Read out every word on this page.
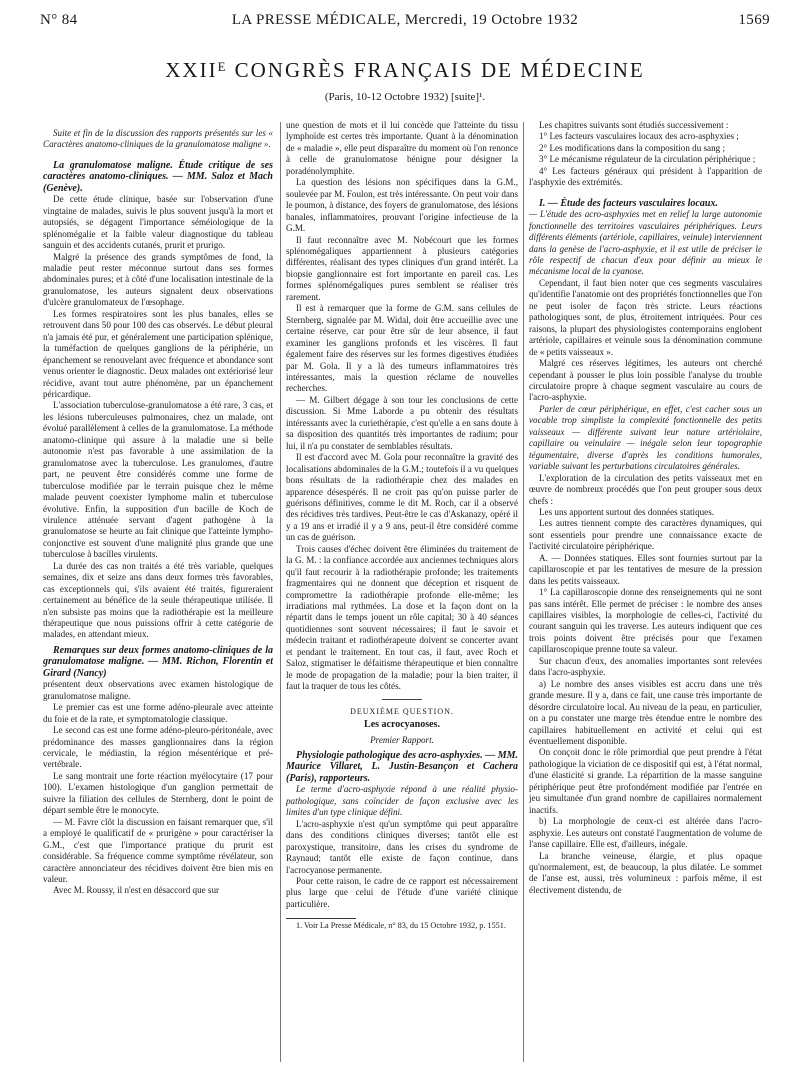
N° 84	LA PRESSE MÉDICALE, Mercredi, 19 Octobre 1932	1569
XXIIᴱ CONGRÈS FRANÇAIS DE MÉDECINE
(Paris, 10-12 Octobre 1932) [suite]¹.

Suite et fin de la discussion des rapports présentés sur les « Caractères anatomo-cliniques de la granulomatose maligne ».

La granulomatose maligne. Étude critique de ses caractères anatomo-cliniques. — MM. Saloz et Mach (Genève).

De cette étude clinique, basée sur l'observation d'une vingtaine de malades, suivis le plus souvent jusqu'à la mort et autopsiés, se dégagent l'importance séméiologique de la splénomégalie et la faible valeur diagnostique du tableau sanguin et des accidents cutanés, prurit et prurigo.

Malgré la présence des grands symptômes de fond, la maladie peut rester méconnue surtout dans ses formes abdominales pures; et à côté d'une localisation intestinale de la granulomatose, les auteurs signalent deux observations d'ulcère granulomateux de l'œsophage.

Les formes respiratoires sont les plus banales, elles se retrouvent dans 50 pour 100 des cas observés. Le début pleural n'a jamais été pur, et généralement une participation splénique, la tuméfaction de quelques ganglions de la périphérie, un épanchement se renouvelant avec fréquence et abondance sont venus orienter le diagnostic. Deux malades ont extériorisé leur récidive, avant tout autre phénomène, par un épanchement péricardique.

L'association tuberculose-granulomatose a été rare, 3 cas, et les lésions tuberculeuses pulmonaires, chez un malade, ont évolué parallèlement à celles de la granulomatose. La méthode anatomo-clinique qui assure à la maladie une si belle autonomie n'est pas favorable à une assimilation de la granulomatose avec la tuberculose. Les granulomes, d'autre part, ne peuvent être considérés comme une forme de tuberculose modifiée par le terrain puisque chez le même malade peuvent coexister lymphome malin et tuberculose évolutive. Enfin, la supposition d'un bacille de Koch de virulence atténuée servant d'agent pathogène à la granulomatose se heurte au fait clinique que l'atteinte lympho-conjonctive est souvent d'une malignité plus grande que une tuberculose à bacilles virulents.

La durée des cas non traités a été très variable, quelques semaines, dix et seize ans dans deux formes très favorables, cas exceptionnels qui, s'ils avaient été traités, figureraient certainement au bénéfice de la seule thérapeutique utilisée. Il n'en subsiste pas moins que la radiothérapie est la meilleure thérapeutique que nous puissions offrir à cette catégorie de malades, en attendant mieux.

Remarques sur deux formes anatomo-cliniques de la granulomatose maligne. — MM. Richon, Florentin et Girard (Nancy)

présentent deux observations avec examen histologique de granulomatose maligne.

Le premier cas est une forme adéno-pleurale avec atteinte du foie et de la rate, et symptomatologie classique.

Le second cas est une forme adéno-pleuro-péritonéale, avec prédominance des masses ganglionnaires dans la région cervicale, le médiastin, la région mésentérique et pré-vertébrale.

Le sang montrait une forte réaction myélocytaire (17 pour 100). L'examen histologique d'un ganglion permettait de suivre la filiation des cellules de Sternberg, dont le point de départ semble être le monocyte.

— M. Favre clôt la discussion en faisant remarquer que, s'il a employé le qualificatif de « prurigène » pour caractériser la G.M., c'est que l'importance pratique du prurit est considérable. Sa fréquence comme symptôme révélateur, son caractère annonciateur des récidives doivent être bien mis en valeur.

Avec M. Roussy, il n'est en désaccord que sur

une question de mots et il lui concède que l'atteinte du tissu lymphoïde est certes très importante. Quant à la dénomination de « maladie », elle peut disparaître du moment où l'on renonce à celle de granulomatose bénigne pour désigner la poradénolymphite.

La question des lésions non spécifiques dans la G.M., soulevée par M. Foulon, est très intéressante. On peut voir dans le poumon, à distance, des foyers de granulomatose, des lésions banales, inflammatoires, prouvant l'origine infectieuse de la G.M.

Il faut reconnaître avec M. Nobécourt que les formes splénomégaliques appartiennent à plusieurs catégories différentes, réalisant des types cliniques d'un grand intérêt. La biopsie ganglionnaire est fort importante en pareil cas. Les formes splénomégaliques pures semblent se réaliser très rarement.

Il est à remarquer que la forme de G.M. sans cellules de Sternberg, signalée par M. Widal, doit être accueillie avec une certaine réserve, car pour être sûr de leur absence, il faut examiner les ganglions profonds et les viscères. Il faut également faire des réserves sur les formes digestives étudiées par M. Gola. Il y a là des tumeurs inflammatoires très intéressantes, mais la question réclame de nouvelles recherches.

— M. Gilbert dégage à son tour les conclusions de cette discussion. Si Mme Laborde a pu obtenir des résultats intéressants avec la curiethérapie, c'est qu'elle a en sans doute à sa disposition des quantités très importantes de radium; pour lui, il n'a pu constater de semblables résultats.

Il est d'accord avec M. Gola pour reconnaître la gravité des localisations abdominales de la G.M.; toutefois il a vu quelques bons résultats de la radiothérapie chez des malades en apparence désespérés. Il ne croit pas qu'on puisse parler de guérisons définitives, comme le dit M. Roch, car il a observé des récidives très tardives. Peut-être le cas d'Askanazy, opéré il y a 19 ans et irradié il y a 9 ans, peut-il être considéré comme un cas de guérison.

Trois causes d'échec doivent être éliminées du traitement de la G. M. : la confiance accordée aux anciennes techniques alors qu'il faut recourir à la radiothérapie profonde; les traitements fragmentaires qui ne donnent que déception et risquent de compromettre la radiothérapie profonde elle-même; les irradiations mal rythmées. La dose et la façon dont on la répartit dans le temps jouent un rôle capital; 30 à 40 séances quotidiennes sont souvent nécessaires; il faut le savoir et médecin traitant et radiothérapeute doivent se concerter avant et pendant le traitement. En tout cas, il faut, avec Roch et Saloz, stigmatiser le défaitisme thérapeutique et bien connaître le mode de propagation de la maladie; pour la bien traiter, il faut la traquer de tous les côtés.

DEUXIÈME QUESTION.
Les acrocyanoses.
Premier Rapport.

Physiologie pathologique des acro-asphyxies. — MM. Maurice Villaret, L. Justin-Besançon et Cachera (Paris), rapporteurs.

Le terme d'acro-asphyxie répond à une réalité physio-pathologique, sans coïncider de façon exclusive avec les limites d'un type clinique défini.

L'acro-asphyxie n'est qu'un symptôme qui peut apparaître dans des conditions cliniques diverses; tantôt elle est paroxystique, transitoire, dans les crises du syndrome de Raynaud; tantôt elle existe de façon continue, dans l'acrocyanose permanente.

Pour cette raison, le cadre de ce rapport est nécessairement plus large que celui de l'étude d'une variété clinique particulière.

1. Voir La Presse Médicale, n° 83, du 15 Octobre 1932, p. 1551.

Les chapitres suivants sont étudiés successivement :

1° Les facteurs vasculaires locaux des acro-asphyxies ;

2° Les modifications dans la composition du sang ;

3° Le mécanisme régulateur de la circulation périphérique ;

4° Les facteurs généraux qui président à l'apparition de l'asphyxie des extrémités.

I. — Étude des facteurs vasculaires locaux.

— L'étude des acro-asphyxies met en relief la large autonomie fonctionnelle des territoires vasculaires périphériques. Leurs différents éléments (artériole, capillaires, veinule) interviennent dans la genèse de l'acro-asphyxie, et il est utile de préciser le rôle respectif de chacun d'eux pour définir au mieux le mécanisme local de la cyanose.

Cependant, il faut bien noter que ces segments vasculaires qu'identifie l'anatomie ont des propriétés fonctionnelles que l'on ne peut isoler de façon très stricte. Leurs réactions pathologiques sont, de plus, étroitement intriquées. Pour ces raisons, la plupart des physiologistes contemporains englobent artériole, capillaires et veinule sous la dénomination commune de « petits vaisseaux ».

Malgré ces réserves légitimes, les auteurs ont cherché cependant à pousser le plus loin possible l'analyse du trouble circulatoire propre à chaque segment vasculaire au cours de l'acro-asphyxie.

Parler de cœur périphérique, en effet, c'est cacher sous un vocable trop simpliste la complexité fonctionnelle des petits vaisseaux — différente suivant leur nature artériolaire, capillaire ou veinulaire — inégale selon leur topographie tégumentaire, diverse d'après les conditions humorales, variable suivant les perturbations circulatoires générales.

L'exploration de la circulation des petits vaisseaux met en œuvre de nombreux procédés que l'on peut grouper sous deux chefs :

Les uns apportent surtout des données statiques.

Les autres tiennent compte des caractères dynamiques, qui sont essentiels pour prendre une connaissance exacte de l'activité circulatoire périphérique.

A. — Données statiques. Elles sont fournies surtout par la capillaroscopie et par les tentatives de mesure de la pression dans les petits vaisseaux.

1° La capillaroscopie donne des renseignements qui ne sont pas sans intérêt. Elle permet de préciser : le nombre des anses capillaires visibles, la morphologie de celles-ci, l'activité du courant sanguin qui les traverse. Les auteurs indiquent que ces trois points doivent être précisés pour que l'examen capillaroscopique prenne toute sa valeur.

Sur chacun d'eux, des anomalies importantes sont relevées dans l'acro-asphyxie.

a) Le nombre des anses visibles est accru dans une très grande mesure. Il y a, dans ce fait, une cause très importante de désordre circulatoire local. Au niveau de la peau, en particulier, on a pu constater une marge très étendue entre le nombre des capillaires habituellement en activité et celui qui est éventuellement disponible.

On conçoit donc le rôle primordial que peut prendre à l'état pathologique la viciation de ce dispositif qui est, à l'état normal, d'une élasticité si grande. La répartition de la masse sanguine périphérique peut être profondément modifiée par l'entrée en jeu simultanée d'un grand nombre de capillaires normalement inactifs.

b) La morphologie de ceux-ci est altérée dans l'acro-asphyxie. Les auteurs ont constaté l'augmentation de volume de l'anse capillaire. Elle est, d'ailleurs, inégale.

La branche veineuse, élargie, et plus opaque qu'normalement, est, de beaucoup, la plus dilatée. Le sommet de l'anse est, aussi, très volumineux : parfois même, il est électivement distendu, de
